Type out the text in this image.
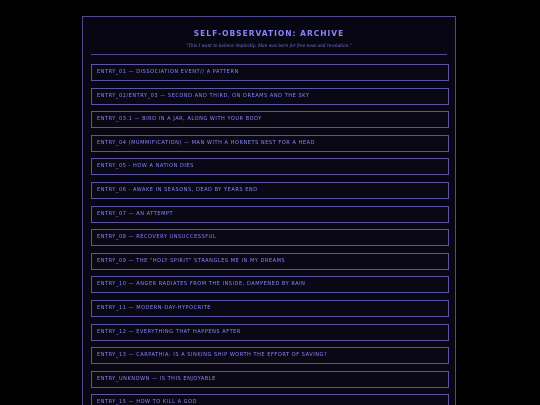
SELF-OBSERVATION: ARCHIVE
"This I want to believe implicitly: Man was born for free-ness and revolution."
ENTRY_01 — DISSOCIATION EVENT// A PATTERN
ENTRY_02/ENTRY_03 — SECOND AND THIRD, ON DREAMS AND THE SKY
ENTRY_03.1 — BIRD IN A JAR, ALONG WITH YOUR BODY
ENTRY_04 (MUMMIFICATION) — MAN WITH A HORNETS NEST FOR A HEAD
ENTRY_05 - HOW A NATION DIES
ENTRY_06 - AWAKE IN SEASONS, DEAD BY YEARS END
ENTRY_07 — AN ATTEMPT
ENTRY_08 — RECOVERY UNSUCCESSFUL
ENTRY_09 — THE "HOLY SPIRIT" STRANGLES ME IN MY DREAMS
ENTRY_10 — ANGER RADIATES FROM THE INSIDE, DAMPENED BY RAIN
ENTRY_11 — MODERN-DAY-HYPOCRITE
ENTRY_12 — EVERYTHING THAT HAPPENS AFTER
ENTRY_13 — CARPATHIA: IS A SINKING SHIP WORTH THE EFFORT OF SAVING?
ENTRY_UNKNOWN — IS THIS ENJOYABLE
ENTRY_15 — HOW TO KILL A GOD
